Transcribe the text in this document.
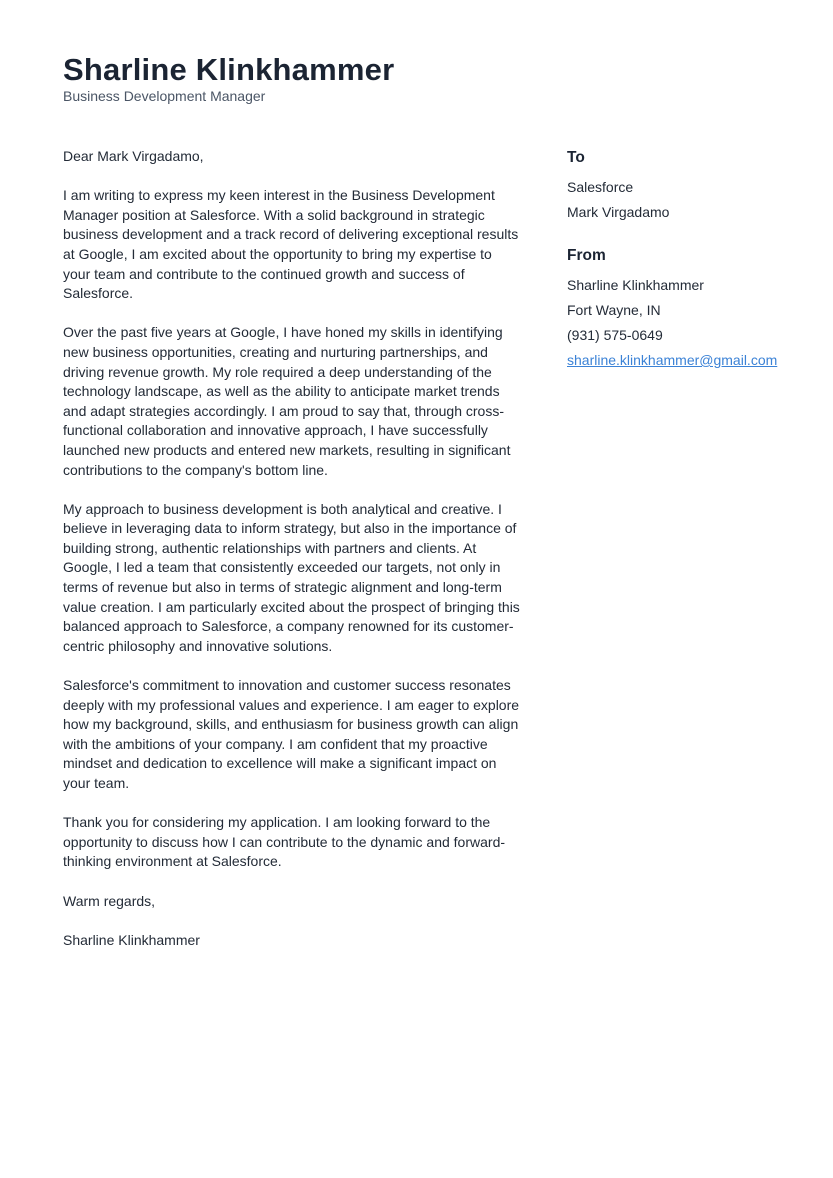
Sharline Klinkhammer
Business Development Manager

Dear Mark Virgadamo,

I am writing to express my keen interest in the Business Development Manager position at Salesforce. With a solid background in strategic business development and a track record of delivering exceptional results at Google, I am excited about the opportunity to bring my expertise to your team and contribute to the continued growth and success of Salesforce.

Over the past five years at Google, I have honed my skills in identifying new business opportunities, creating and nurturing partnerships, and driving revenue growth. My role required a deep understanding of the technology landscape, as well as the ability to anticipate market trends and adapt strategies accordingly. I am proud to say that, through cross-functional collaboration and innovative approach, I have successfully launched new products and entered new markets, resulting in significant contributions to the company's bottom line.

My approach to business development is both analytical and creative. I believe in leveraging data to inform strategy, but also in the importance of building strong, authentic relationships with partners and clients. At Google, I led a team that consistently exceeded our targets, not only in terms of revenue but also in terms of strategic alignment and long-term value creation. I am particularly excited about the prospect of bringing this balanced approach to Salesforce, a company renowned for its customer-centric philosophy and innovative solutions.

Salesforce's commitment to innovation and customer success resonates deeply with my professional values and experience. I am eager to explore how my background, skills, and enthusiasm for business growth can align with the ambitions of your company. I am confident that my proactive mindset and dedication to excellence will make a significant impact on your team.

Thank you for considering my application. I am looking forward to the opportunity to discuss how I can contribute to the dynamic and forward-thinking environment at Salesforce.

Warm regards,

Sharline Klinkhammer

To
Salesforce
Mark Virgadamo
From
Sharline Klinkhammer
Fort Wayne, IN
(931) 575-0649
sharline.klinkhammer@gmail.com
